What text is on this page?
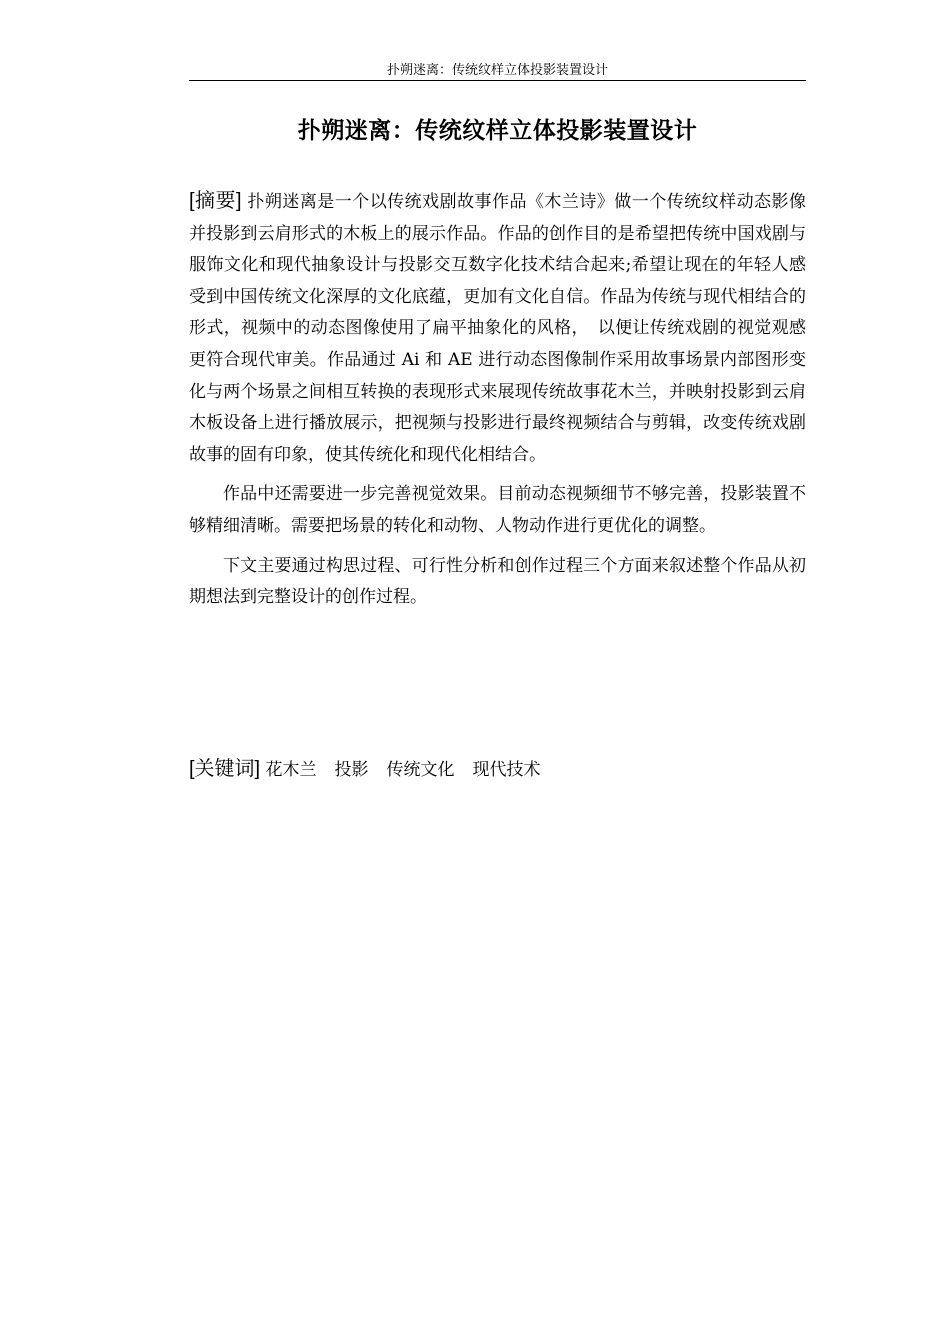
扑朔迷离：传统纹样立体投影装置设计
扑朔迷离：传统纹样立体投影装置设计

[摘要] 扑朔迷离是一个以传统戏剧故事作品《木兰诗》做一个传统纹样动态影像并投影到云肩形式的木板上的展示作品。作品的创作目的是希望把传统中国戏剧与服饰文化和现代抽象设计与投影交互数字化技术结合起来;希望让现在的年轻人感受到中国传统文化深厚的文化底蕴，更加有文化自信。作品为传统与现代相结合的形式，视频中的动态图像使用了扁平抽象化的风格，　以便让传统戏剧的视觉观感更符合现代审美。作品通过 Ai 和 AE 进行动态图像制作采用故事场景内部图形变化与两个场景之间相互转换的表现形式来展现传统故事花木兰，并映射投影到云肩木板设备上进行播放展示，把视频与投影进行最终视频结合与剪辑，改变传统戏剧故事的固有印象，使其传统化和现代化相结合。

作品中还需要进一步完善视觉效果。目前动态视频细节不够完善，投影装置不够精细清晰。需要把场景的转化和动物、人物动作进行更优化的调整。

下文主要通过构思过程、可行性分析和创作过程三个方面来叙述整个作品从初期想法到完整设计的创作过程。

[关键词] 花木兰 投影 传统文化 现代技术
